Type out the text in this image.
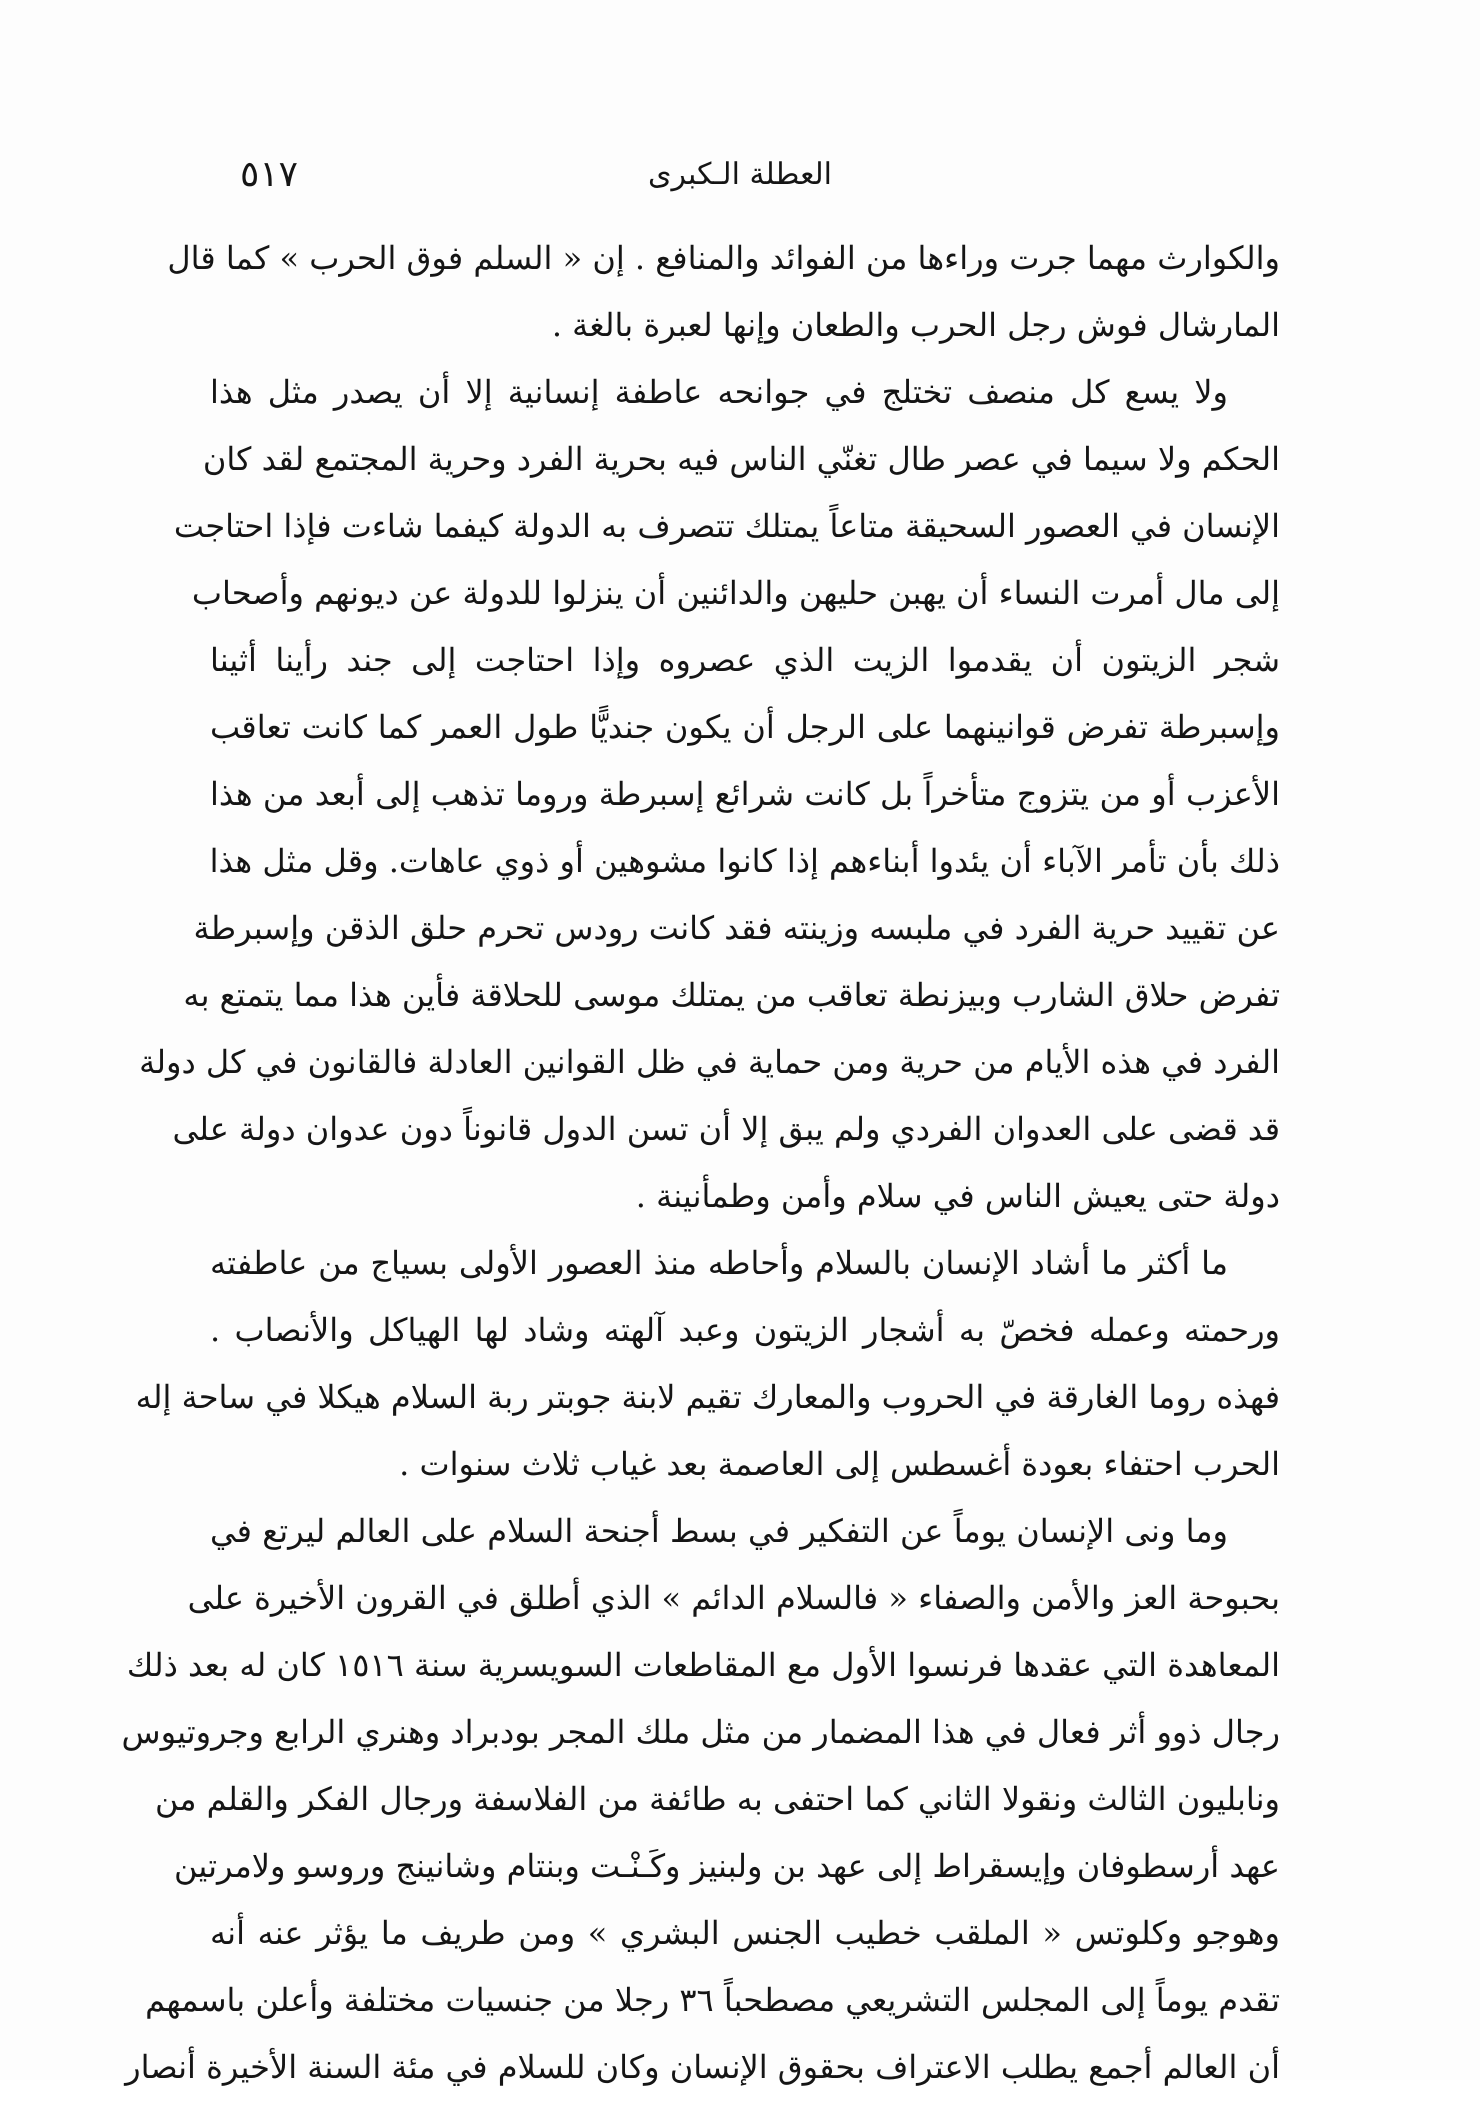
العطلة الـكبرى
٥١٧
والكوارث مهما جرت وراءها من الفوائد والمنافع . إن « السلم فوق الحرب » كما قال
المارشال فوش رجل الحرب والطعان وإنها لعبرة بالغة .
ولا يسع كل منصف تختلج في جوانحه عاطفة إنسانية إلا أن يصدر مثل هذا
الحكم ولا سيما في عصر طال تغنّي الناس فيه بحرية الفرد وحرية المجتمع لقد كان
الإنسان في العصور السحيقة متاعاً يمتلك تتصرف به الدولة كيفما شاءت فإذا احتاجت
إلى مال أمرت النساء أن يهبن حليهن والدائنين أن ينزلوا للدولة عن ديونهم وأصحاب
شجر الزيتون أن يقدموا الزيت الذي عصروه وإذا احتاجت إلى جند رأينا أثينا
وإسبرطة تفرض قوانينهما على الرجل أن يكون جنديًّا طول العمر كما كانت تعاقب
الأعزب أو من يتزوج متأخراً بل كانت شرائع إسبرطة وروما تذهب إلى أبعد من هذا
ذلك بأن تأمر الآباء أن يئدوا أبناءهم إذا كانوا مشوهين أو ذوي عاهات. وقل مثل هذا
عن تقييد حرية الفرد في ملبسه وزينته فقد كانت رودس تحرم حلق الذقن وإسبرطة
تفرض حلاق الشارب وبيزنطة تعاقب من يمتلك موسى للحلاقة فأين هذا مما يتمتع به
الفرد في هذه الأيام من حرية ومن حماية في ظل القوانين العادلة فالقانون في كل دولة
قد قضى على العدوان الفردي ولم يبق إلا أن تسن الدول قانوناً دون عدوان دولة على
دولة حتى يعيش الناس في سلام وأمن وطمأنينة .
ما أكثر ما أشاد الإنسان بالسلام وأحاطه منذ العصور الأولى بسياج من عاطفته
ورحمته وعمله فخصّ به أشجار الزيتون وعبد آلهته وشاد لها الهياكل والأنصاب .
فهذه روما الغارقة في الحروب والمعارك تقيم لابنة جوبتر ربة السلام هيكلا في ساحة إله
الحرب احتفاء بعودة أغسطس إلى العاصمة بعد غياب ثلاث سنوات .
وما ونى الإنسان يوماً عن التفكير في بسط أجنحة السلام على العالم ليرتع في
بحبوحة العز والأمن والصفاء « فالسلام الدائم » الذي أطلق في القرون الأخيرة على
المعاهدة التي عقدها فرنسوا الأول مع المقاطعات السويسرية سنة ١٥١٦ كان له بعد ذلك
رجال ذوو أثر فعال في هذا المضمار من مثل ملك المجر بودبراد وهنري الرابع وجروتيوس
ونابليون الثالث ونقولا الثاني كما احتفى به طائفة من الفلاسفة ورجال الفكر والقلم من
عهد أرسطوفان وإيسقراط إلى عهد بن ولبنيز وكَـنْـت وبنتام وشانينج وروسو ولامرتين
وهوجو وكلوتس « الملقب خطيب الجنس البشري » ومن طريف ما يؤثر عنه أنه
تقدم يوماً إلى المجلس التشريعي مصطحباً ٣٦ رجلا من جنسيات مختلفة وأعلن باسمهم
أن العالم أجمع يطلب الاعتراف بحقوق الإنسان وكان للسلام في مئة السنة الأخيرة أنصار
